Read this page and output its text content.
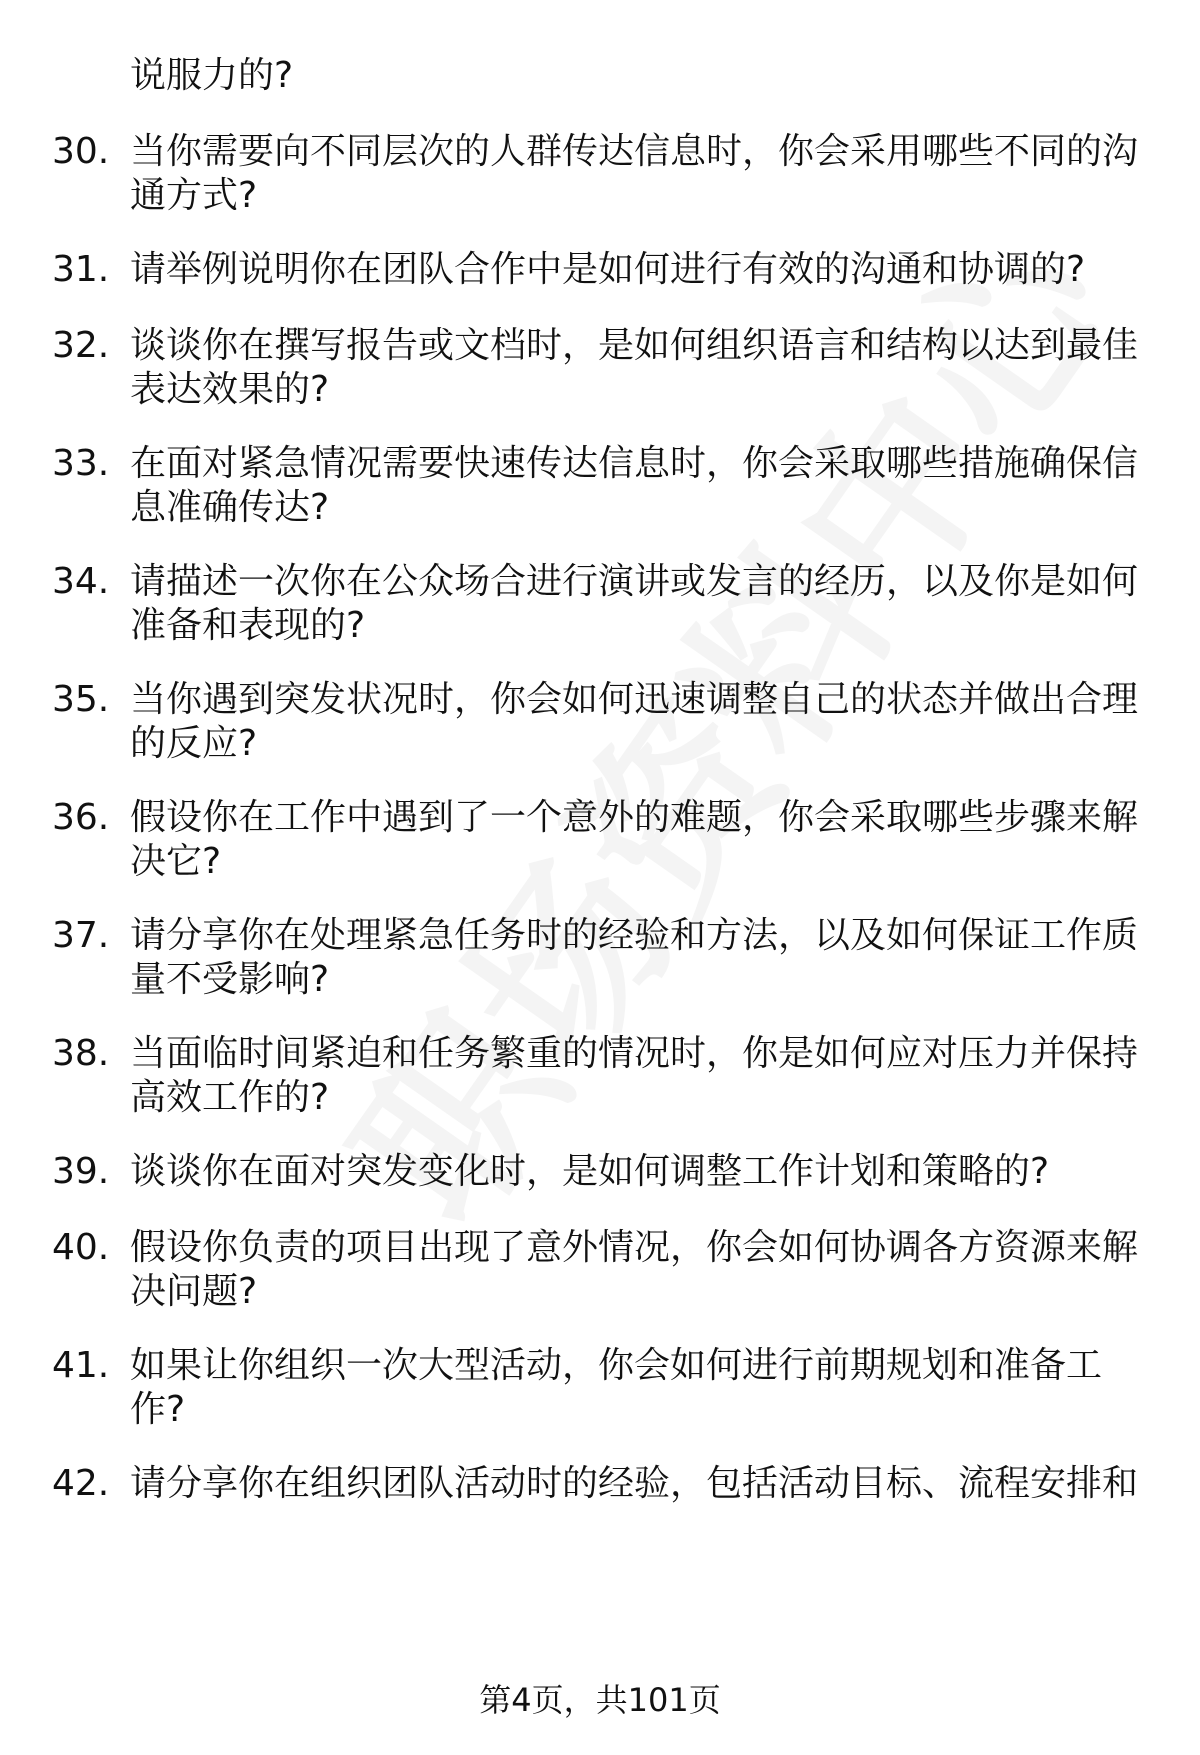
说服力的?
30. 当你需要向不同层次的人群传达信息时，你会采用哪些不同的沟
通方式?
31. 请举例说明你在团队合作中是如何进行有效的沟通和协调的?
32. 谈谈你在撰写报告或文档时，是如何组织语言和结构以达到最佳
表达效果的?
33. 在面对紧急情况需要快速传达信息时，你会采取哪些措施确保信
息准确传达?
34. 请描述一次你在公众场合进行演讲或发言的经历，以及你是如何
准备和表现的?
35. 当你遇到突发状况时，你会如何迅速调整自己的状态并做出合理
的反应?
36. 假设你在工作中遇到了一个意外的难题，你会采取哪些步骤来解
决它?
37. 请分享你在处理紧急任务时的经验和方法，以及如何保证工作质
量不受影响?
38. 当面临时间紧迫和任务繁重的情况时，你是如何应对压力并保持
高效工作的?
39. 谈谈你在面对突发变化时，是如何调整工作计划和策略的?
40. 假设你负责的项目出现了意外情况，你会如何协调各方资源来解
决问题?
41. 如果让你组织一次大型活动，你会如何进行前期规划和准备工
作?
42. 请分享你在组织团队活动时的经验，包括活动目标、流程安排和
第4页，共101页
